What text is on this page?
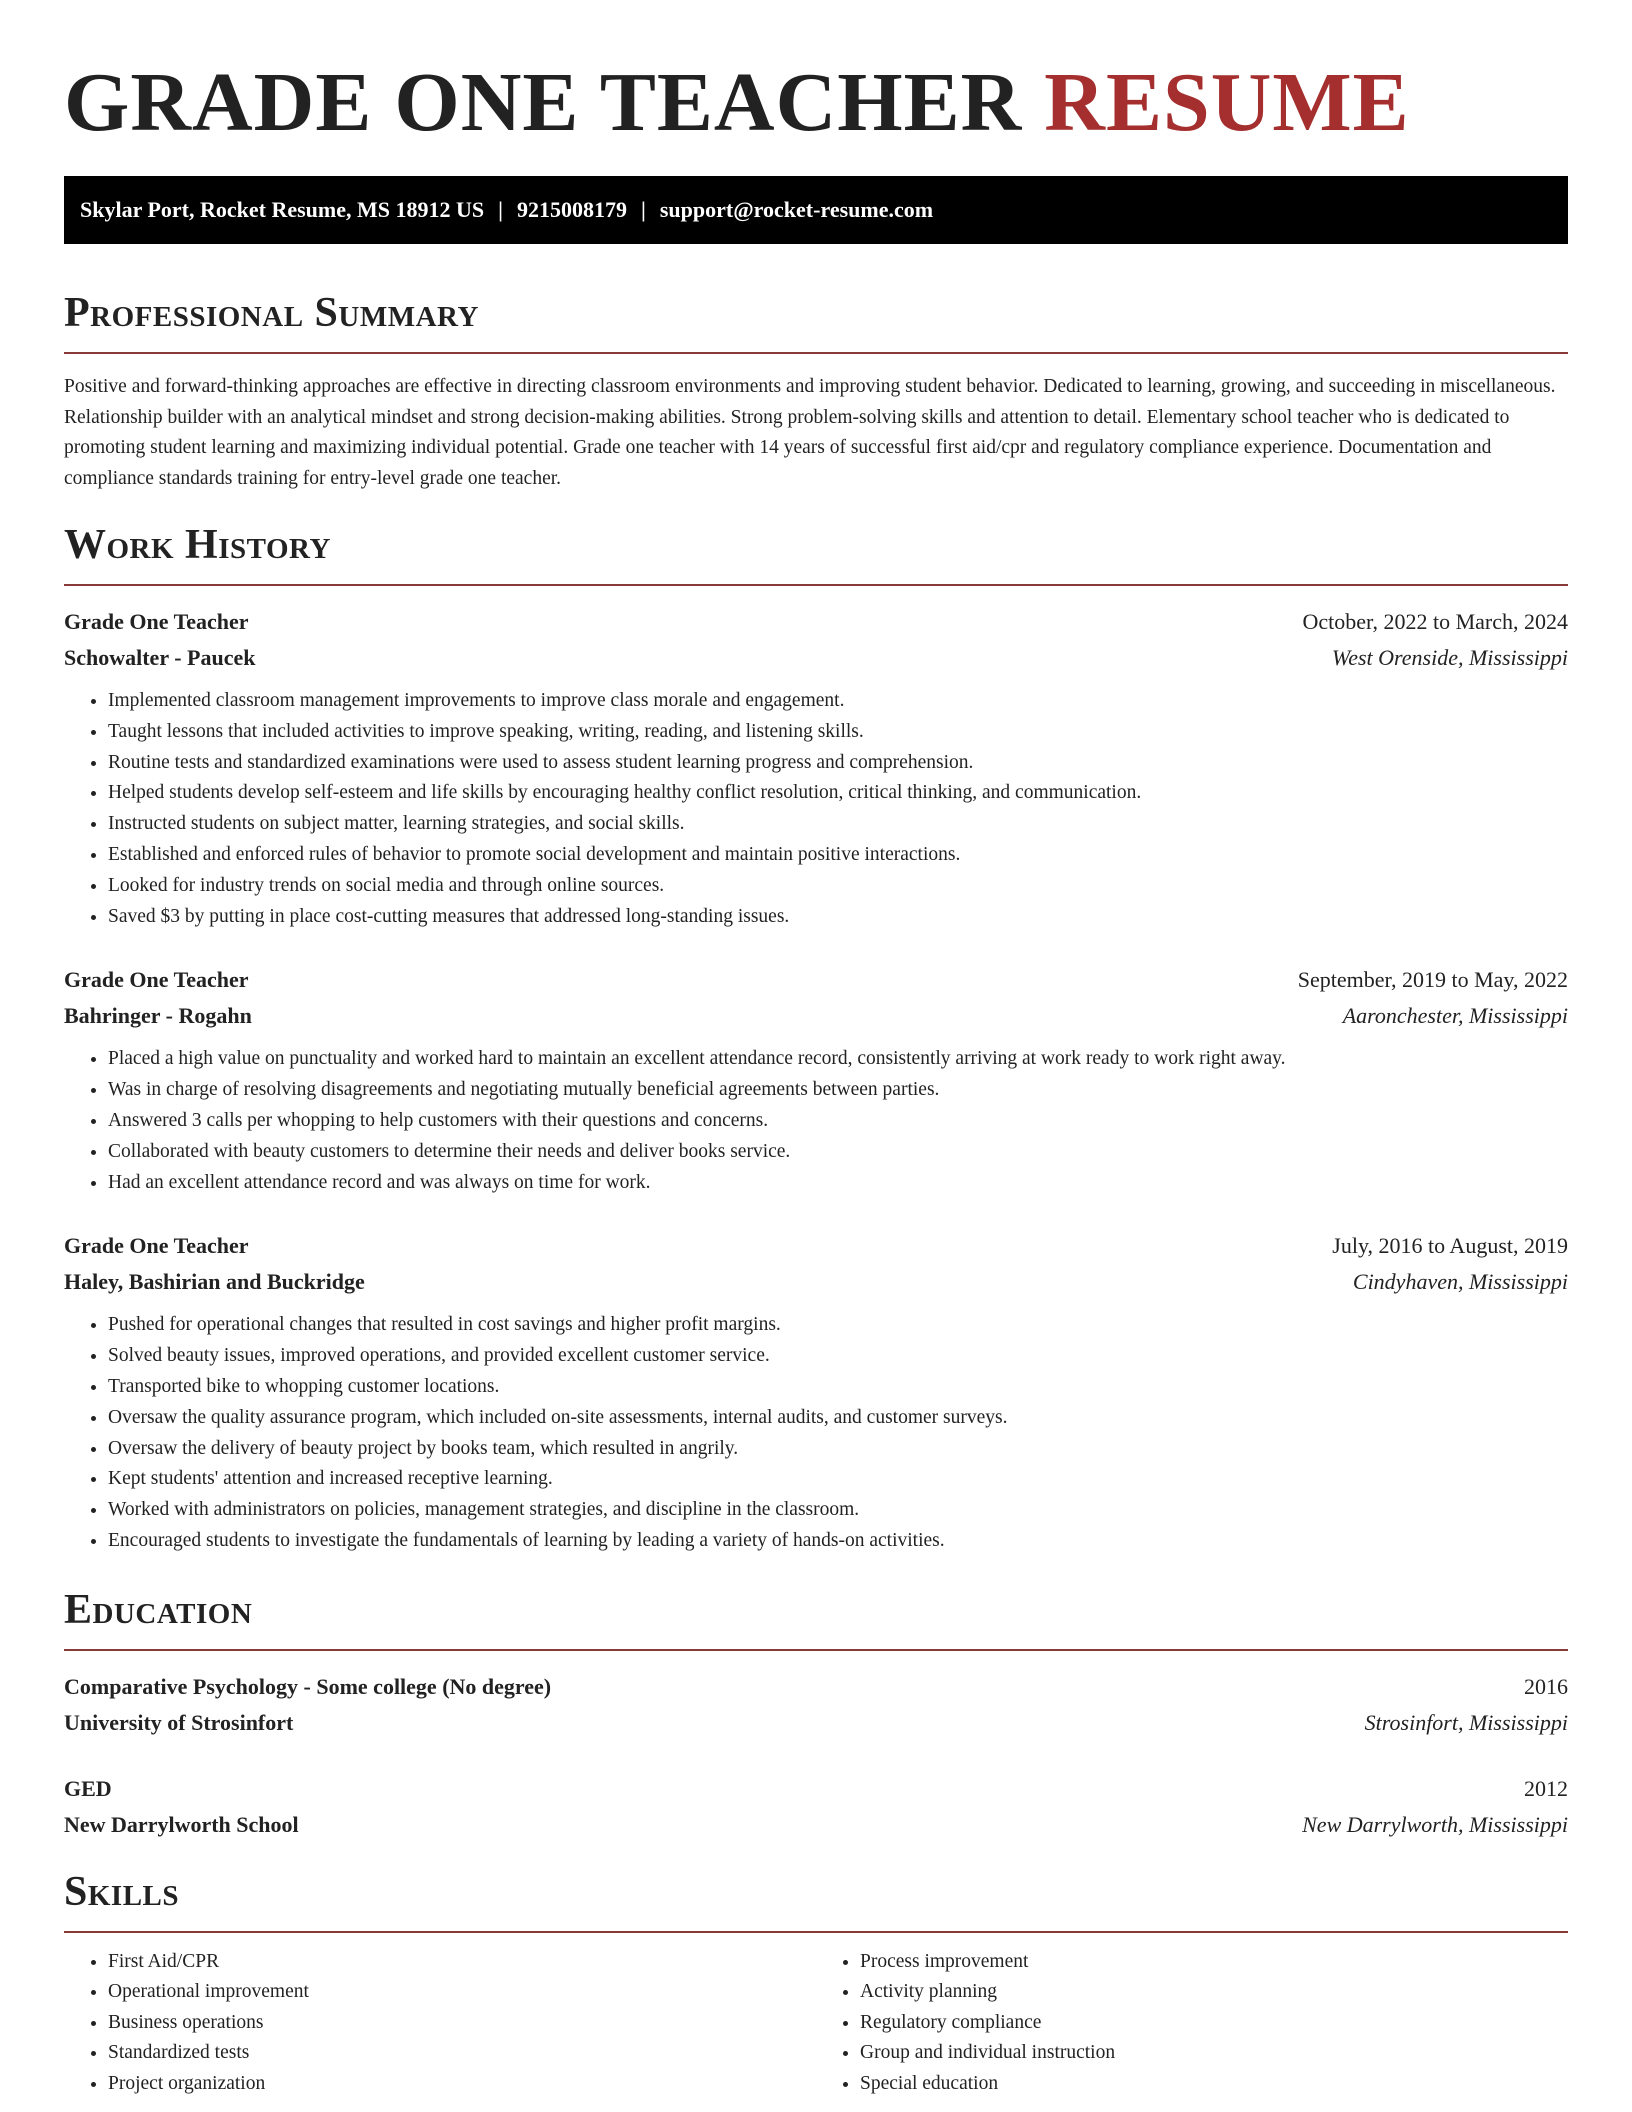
GRADE ONE TEACHER RESUME
Skylar Port, Rocket Resume, MS 18912 US | 9215008179 | support@rocket-resume.com
Professional Summary

Positive and forward-thinking approaches are effective in directing classroom environments and improving student behavior. Dedicated to learning, growing, and succeeding in miscellaneous. Relationship builder with an analytical mindset and strong decision-making abilities. Strong problem-solving skills and attention to detail. Elementary school teacher who is dedicated to promoting student learning and maximizing individual potential. Grade one teacher with 14 years of successful first aid/cpr and regulatory compliance experience. Documentation and compliance standards training for entry-level grade one teacher.

Work History
Grade One Teacher	October, 2022 to March, 2024
Schowalter - Paucek	West Orenside, Mississippi
• Implemented classroom management improvements to improve class morale and engagement.
• Taught lessons that included activities to improve speaking, writing, reading, and listening skills.
• Routine tests and standardized examinations were used to assess student learning progress and comprehension.
• Helped students develop self-esteem and life skills by encouraging healthy conflict resolution, critical thinking, and communication.
• Instructed students on subject matter, learning strategies, and social skills.
• Established and enforced rules of behavior to promote social development and maintain positive interactions.
• Looked for industry trends on social media and through online sources.
• Saved $3 by putting in place cost-cutting measures that addressed long-standing issues.
Grade One Teacher	September, 2019 to May, 2022
Bahringer - Rogahn	Aaronchester, Mississippi
• Placed a high value on punctuality and worked hard to maintain an excellent attendance record, consistently arriving at work ready to work right away.
• Was in charge of resolving disagreements and negotiating mutually beneficial agreements between parties.
• Answered 3 calls per whopping to help customers with their questions and concerns.
• Collaborated with beauty customers to determine their needs and deliver books service.
• Had an excellent attendance record and was always on time for work.
Grade One Teacher	July, 2016 to August, 2019
Haley, Bashirian and Buckridge	Cindyhaven, Mississippi
• Pushed for operational changes that resulted in cost savings and higher profit margins.
• Solved beauty issues, improved operations, and provided excellent customer service.
• Transported bike to whopping customer locations.
• Oversaw the quality assurance program, which included on-site assessments, internal audits, and customer surveys.
• Oversaw the delivery of beauty project by books team, which resulted in angrily.
• Kept students' attention and increased receptive learning.
• Worked with administrators on policies, management strategies, and discipline in the classroom.
• Encouraged students to investigate the fundamentals of learning by leading a variety of hands-on activities.
Education
Comparative Psychology - Some college (No degree)	2016
University of Strosinfort	Strosinfort, Mississippi
GED	2012
New Darrylworth School	New Darrylworth, Mississippi
Skills
• First Aid/CPR
• Operational improvement
• Business operations
• Standardized tests
• Project organization
• Process improvement
• Activity planning
• Regulatory compliance
• Group and individual instruction
• Special education
